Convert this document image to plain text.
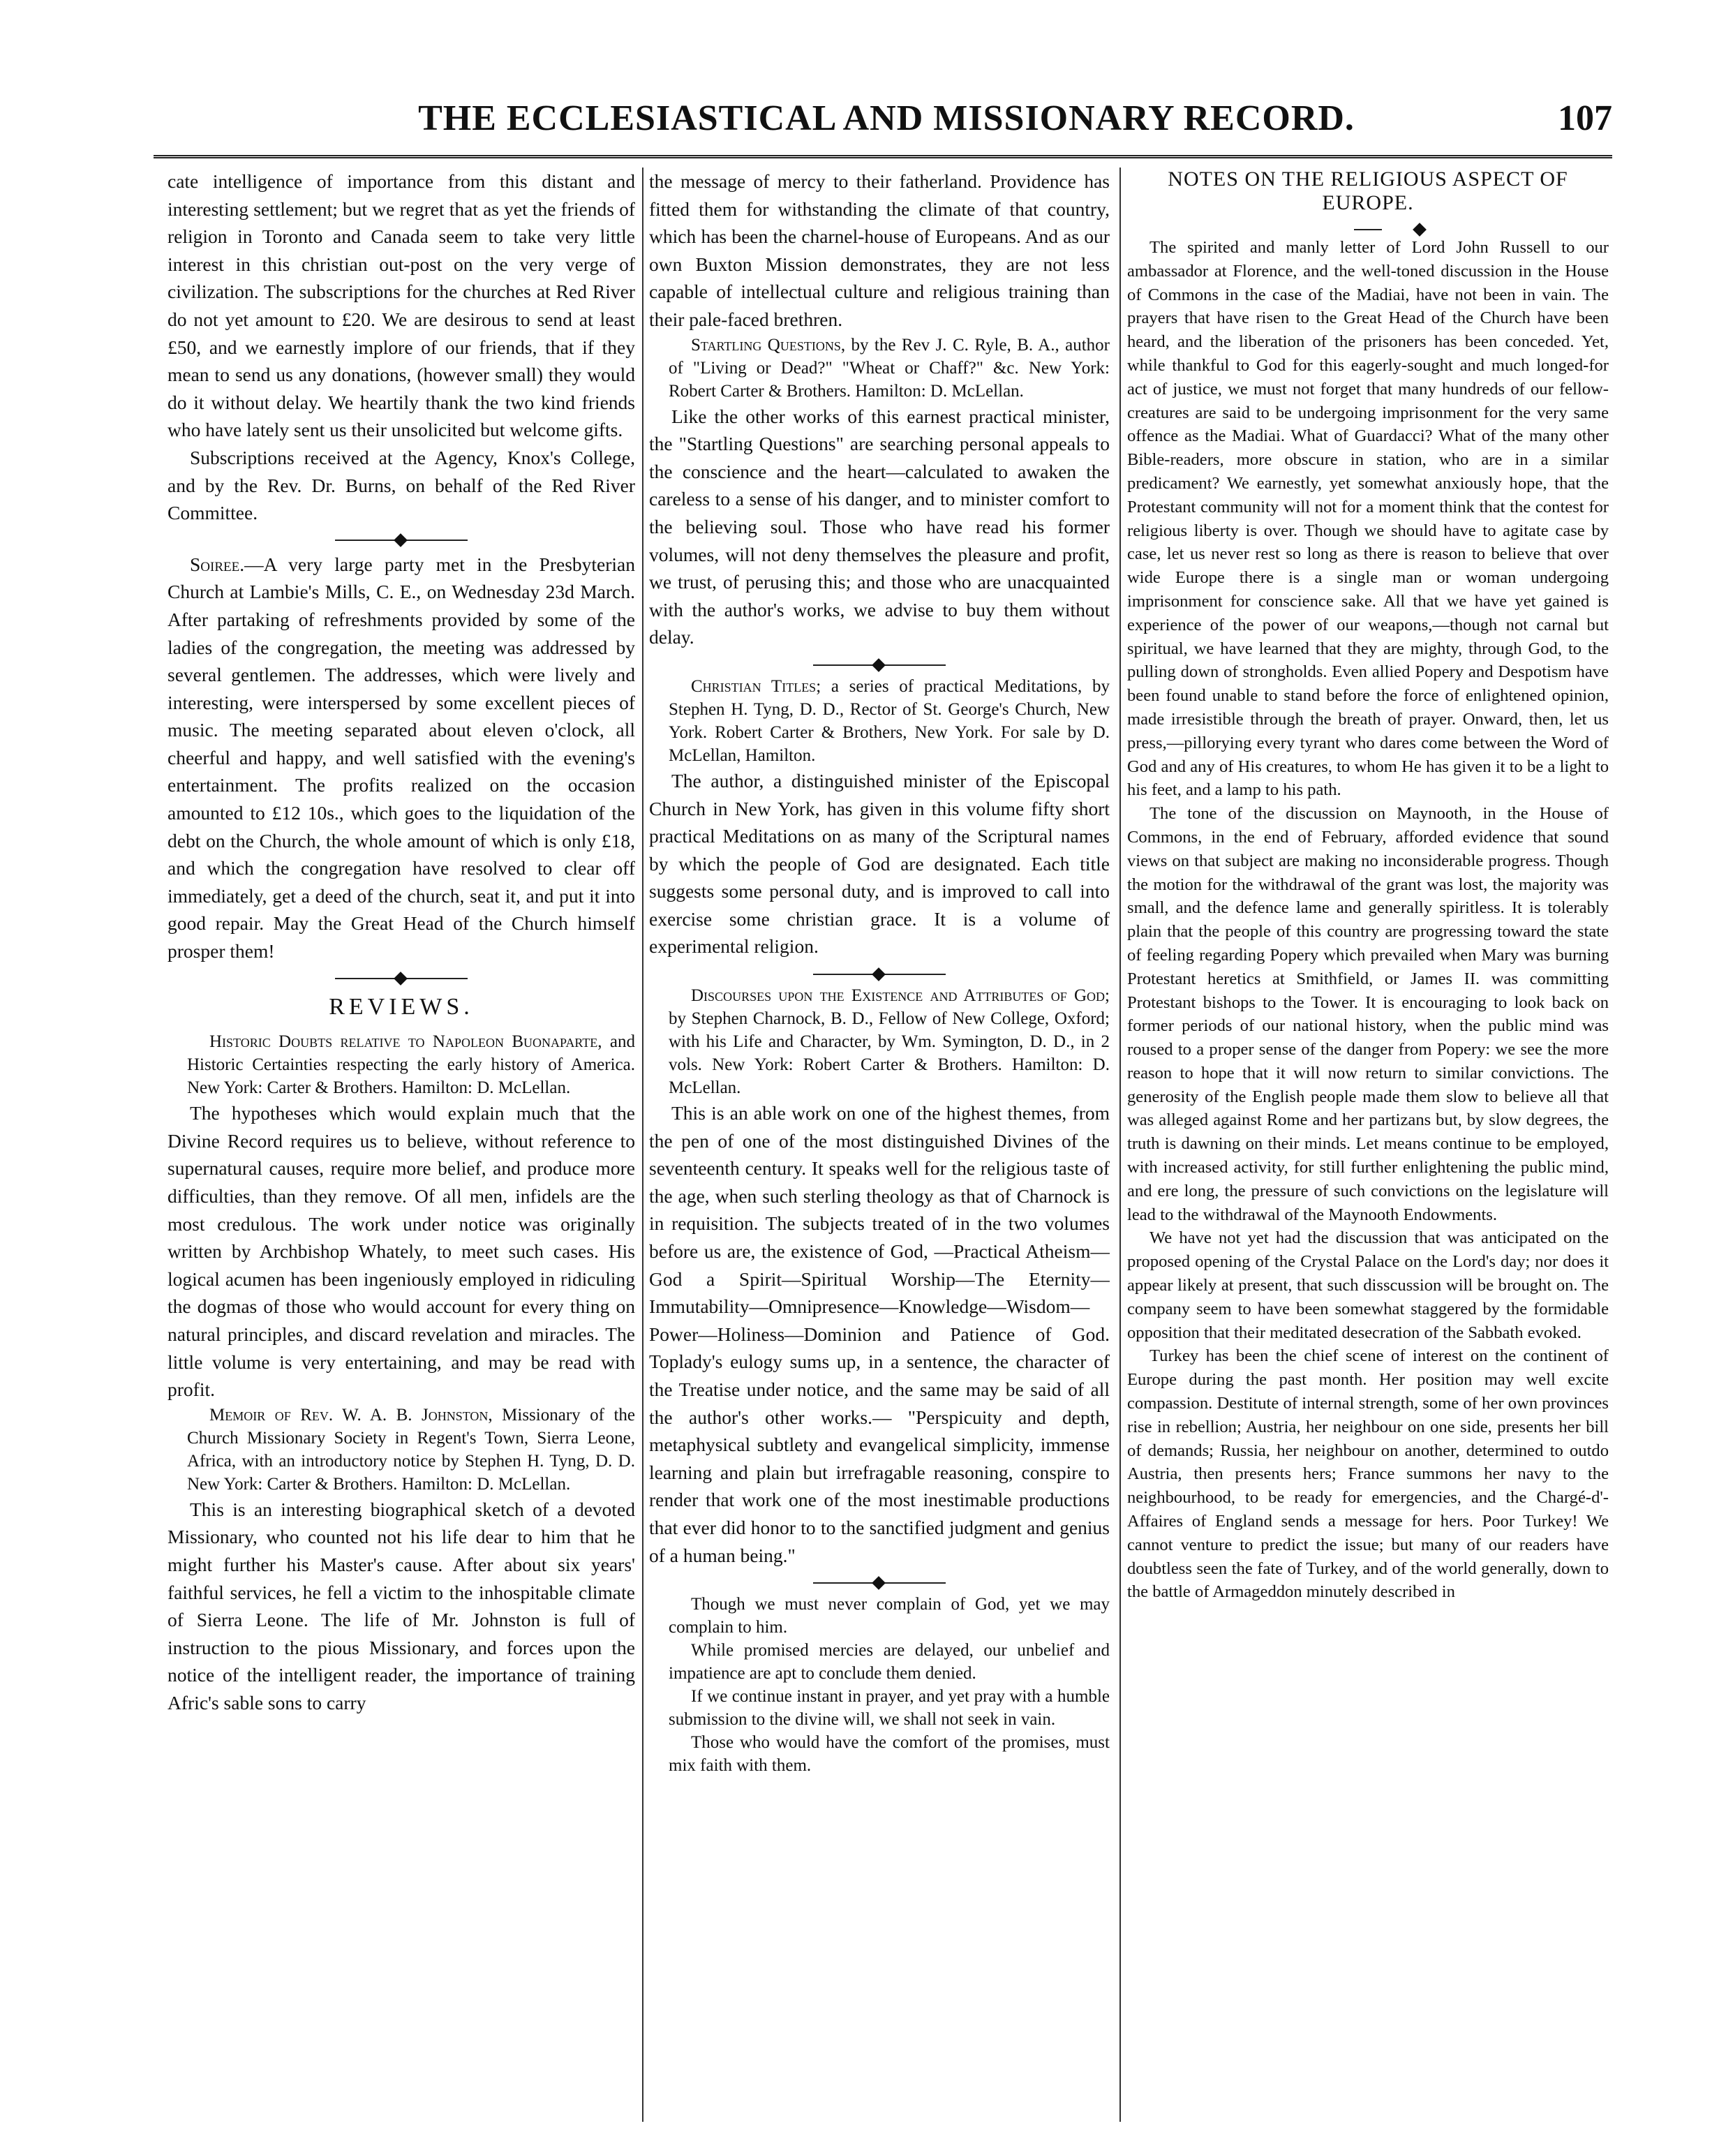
THE ECCLESIASTICAL AND MISSIONARY RECORD.	107

cate intelligence of importance from this distant and interesting settlement; but we regret that as yet the friends of religion in Toronto and Canada seem to take very little interest in this christian out-post on the very verge of civilization. The subscriptions for the churches at Red River do not yet amount to £20. We are desirous to send at least £50, and we earnestly implore of our friends, that if they mean to send us any donations, (however small) they would do it without delay. We heartily thank the two kind friends who have lately sent us their unsolicited but welcome gifts.

Subscriptions received at the Agency, Knox's College, and by the Rev. Dr. Burns, on behalf of the Red River Committee.

Soiree.—A very large party met in the Presbyterian Church at Lambie's Mills, C. E., on Wednesday 23d March. After partaking of refreshments provided by some of the ladies of the congregation, the meeting was addressed by several gentlemen. The addresses, which were lively and interesting, were interspersed by some excellent pieces of music. The meeting separated about eleven o'clock, all cheerful and happy, and well satisfied with the evening's entertainment. The profits realized on the occasion amounted to £12 10s., which goes to the liquidation of the debt on the Church, the whole amount of which is only £18, and which the congregation have resolved to clear off immediately, get a deed of the church, seat it, and put it into good repair. May the Great Head of the Church himself prosper them!

REVIEWS.

Historic Doubts relative to Napoleon Buonaparte, and Historic Certainties respecting the early history of America. New York: Carter & Brothers. Hamilton: D. McLellan.

The hypotheses which would explain much that the Divine Record requires us to believe, without reference to supernatural causes, require more belief, and produce more difficulties, than they remove. Of all men, infidels are the most credulous. The work under notice was originally written by Archbishop Whately, to meet such cases. His logical acumen has been ingeniously employed in ridiculing the dogmas of those who would account for every thing on natural principles, and discard revelation and miracles. The little volume is very entertaining, and may be read with profit.

Memoir of Rev. W. A. B. Johnston, Missionary of the Church Missionary Society in Regent's Town, Sierra Leone, Africa, with an introductory notice by Stephen H. Tyng, D. D. New York: Carter & Brothers. Hamilton: D. McLellan.

This is an interesting biographical sketch of a devoted Missionary, who counted not his life dear to him that he might further his Master's cause. After about six years' faithful services, he fell a victim to the inhospitable climate of Sierra Leone. The life of Mr. Johnston is full of instruction to the pious Missionary, and forces upon the notice of the intelligent reader, the importance of training Afric's sable sons to carry

the message of mercy to their fatherland. Providence has fitted them for withstanding the climate of that country, which has been the charnel-house of Europeans. And as our own Buxton Mission demonstrates, they are not less capable of intellectual culture and religious training than their pale-faced brethren.

Startling Questions, by the Rev J. C. Ryle, B. A., author of "Living or Dead?" "Wheat or Chaff?" &c. New York: Robert Carter & Brothers. Hamilton: D. McLellan.

Like the other works of this earnest practical minister, the "Startling Questions" are searching personal appeals to the conscience and the heart—calculated to awaken the careless to a sense of his danger, and to minister comfort to the believing soul. Those who have read his former volumes, will not deny themselves the pleasure and profit, we trust, of perusing this; and those who are unacquainted with the author's works, we advise to buy them without delay.

Christian Titles; a series of practical Meditations, by Stephen H. Tyng, D. D., Rector of St. George's Church, New York. Robert Carter & Brothers, New York. For sale by D. McLellan, Hamilton.

The author, a distinguished minister of the Episcopal Church in New York, has given in this volume fifty short practical Meditations on as many of the Scriptural names by which the people of God are designated. Each title suggests some personal duty, and is improved to call into exercise some christian grace. It is a volume of experimental religion.

Discourses upon the Existence and Attributes of God; by Stephen Charnock, B. D., Fellow of New College, Oxford; with his Life and Character, by Wm. Symington, D. D., in 2 vols. New York: Robert Carter & Brothers. Hamilton: D. McLellan.

This is an able work on one of the highest themes, from the pen of one of the most distinguished Divines of the seventeenth century. It speaks well for the religious taste of the age, when such sterling theology as that of Charnock is in requisition. The subjects treated of in the two volumes before us are, the existence of God, —Practical Atheism—God a Spirit—Spiritual Worship—The Eternity—Immutability—Omnipresence—Knowledge—Wisdom—Power—Holiness—Dominion and Patience of God. Toplady's eulogy sums up, in a sentence, the character of the Treatise under notice, and the same may be said of all the author's other works.— "Perspicuity and depth, metaphysical subtlety and evangelical simplicity, immense learning and plain but irrefragable reasoning, conspire to render that work one of the most inestimable productions that ever did honor to to the sanctified judgment and genius of a human being."

Though we must never complain of God, yet we may complain to him.

While promised mercies are delayed, our unbelief and impatience are apt to conclude them denied.

If we continue instant in prayer, and yet pray with a humble submission to the divine will, we shall not seek in vain.

Those who would have the comfort of the promises, must mix faith with them.

NOTES ON THE RELIGIOUS ASPECT OF EUROPE.

The spirited and manly letter of Lord John Russell to our ambassador at Florence, and the well-toned discussion in the House of Commons in the case of the Madiai, have not been in vain. The prayers that have risen to the Great Head of the Church have been heard, and the liberation of the prisoners has been conceded. Yet, while thankful to God for this eagerly-sought and much longed-for act of justice, we must not forget that many hundreds of our fellow-creatures are said to be undergoing imprisonment for the very same offence as the Madiai. What of Guardacci? What of the many other Bible-readers, more obscure in station, who are in a similar predicament? We earnestly, yet somewhat anxiously hope, that the Protestant community will not for a moment think that the contest for religious liberty is over. Though we should have to agitate case by case, let us never rest so long as there is reason to believe that over wide Europe there is a single man or woman undergoing imprisonment for conscience sake. All that we have yet gained is experience of the power of our weapons,—though not carnal but spiritual, we have learned that they are mighty, through God, to the pulling down of strongholds. Even allied Popery and Despotism have been found unable to stand before the force of enlightened opinion, made irresistible through the breath of prayer. Onward, then, let us press,—pillorying every tyrant who dares come between the Word of God and any of His creatures, to whom He has given it to be a light to his feet, and a lamp to his path.

The tone of the discussion on Maynooth, in the House of Commons, in the end of February, afforded evidence that sound views on that subject are making no inconsiderable progress. Though the motion for the withdrawal of the grant was lost, the majority was small, and the defence lame and generally spiritless. It is tolerably plain that the people of this country are progressing toward the state of feeling regarding Popery which prevailed when Mary was burning Protestant heretics at Smithfield, or James II. was committing Protestant bishops to the Tower. It is encouraging to look back on former periods of our national history, when the public mind was roused to a proper sense of the danger from Popery: we see the more reason to hope that it will now return to similar convictions. The generosity of the English people made them slow to believe all that was alleged against Rome and her partizans but, by slow degrees, the truth is dawning on their minds. Let means continue to be employed, with increased activity, for still further enlightening the public mind, and ere long, the pressure of such convictions on the legislature will lead to the withdrawal of the Maynooth Endowments.

We have not yet had the discussion that was anticipated on the proposed opening of the Crystal Palace on the Lord's day; nor does it appear likely at present, that such disscussion will be brought on. The company seem to have been somewhat staggered by the formidable opposition that their meditated desecration of the Sabbath evoked.

Turkey has been the chief scene of interest on the continent of Europe during the past month. Her position may well excite compassion. Destitute of internal strength, some of her own provinces rise in rebellion; Austria, her neighbour on one side, presents her bill of demands; Russia, her neighbour on another, determined to outdo Austria, then presents hers; France summons her navy to the neighbourhood, to be ready for emergencies, and the Chargé-d'-Affaires of England sends a message for hers. Poor Turkey! We cannot venture to predict the issue; but many of our readers have doubtless seen the fate of Turkey, and of the world generally, down to the battle of Armageddon minutely described in
